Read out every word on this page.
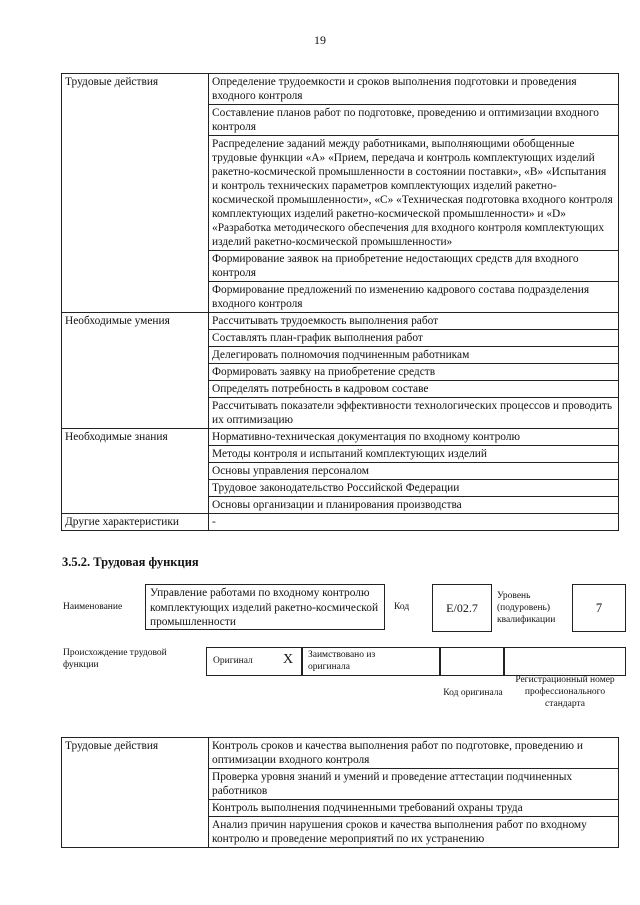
19
Трудовые действия	Определение трудоемкости и сроков выполнения подготовки и проведения входного контроля
	Составление планов работ по подготовке, проведению и оптимизации входного контроля
	Распределение заданий между работниками, выполняющими обобщенные трудовые функции «А» «Прием, передача и контроль комплектующих изделий ракетно-космической промышленности в состоянии поставки», «В» «Испытания и контроль технических параметров комплектующих изделий ракетно-космической промышленности», «С» «Техническая подготовка входного контроля комплектующих изделий ракетно-космической промышленности» и «D» «Разработка методического обеспечения для входного контроля комплектующих изделий ракетно-космической промышленности»
	Формирование заявок на приобретение недостающих средств для входного контроля
	Формирование предложений по изменению кадрового состава подразделения входного контроля
Необходимые умения	Рассчитывать трудоемкость выполнения работ
	Составлять план-график выполнения работ
	Делегировать полномочия подчиненным работникам
	Формировать заявку на приобретение средств
	Определять потребность в кадровом составе
	Рассчитывать показатели эффективности технологических процессов и проводить их оптимизацию
Необходимые знания	Нормативно-техническая документация по входному контролю
	Методы контроля и испытаний комплектующих изделий
	Основы управления персоналом
	Трудовое законодательство Российской Федерации
	Основы организации и планирования производства
Другие характеристики	-
3.5.2. Трудовая функция
Наименование
Управление работами по входному контролю комплектующих изделий ракетно-космической промышленности
Код	E/02.7
Уровень (подуровень) квалификации
7
Происхождение трудовой функции	Оригинал X Заимствовано из оригинала
Код оригинала
Регистрационный номер профессионального стандарта
Трудовые действия	Контроль сроков и качества выполнения работ по подготовке, проведению и оптимизации входного контроля
Проверка уровня знаний и умений и проведение аттестации подчиненных работников
Контроль выполнения подчиненными требований охраны труда
Анализ причин нарушения сроков и качества выполнения работ по входному контролю и проведение мероприятий по их устранению
